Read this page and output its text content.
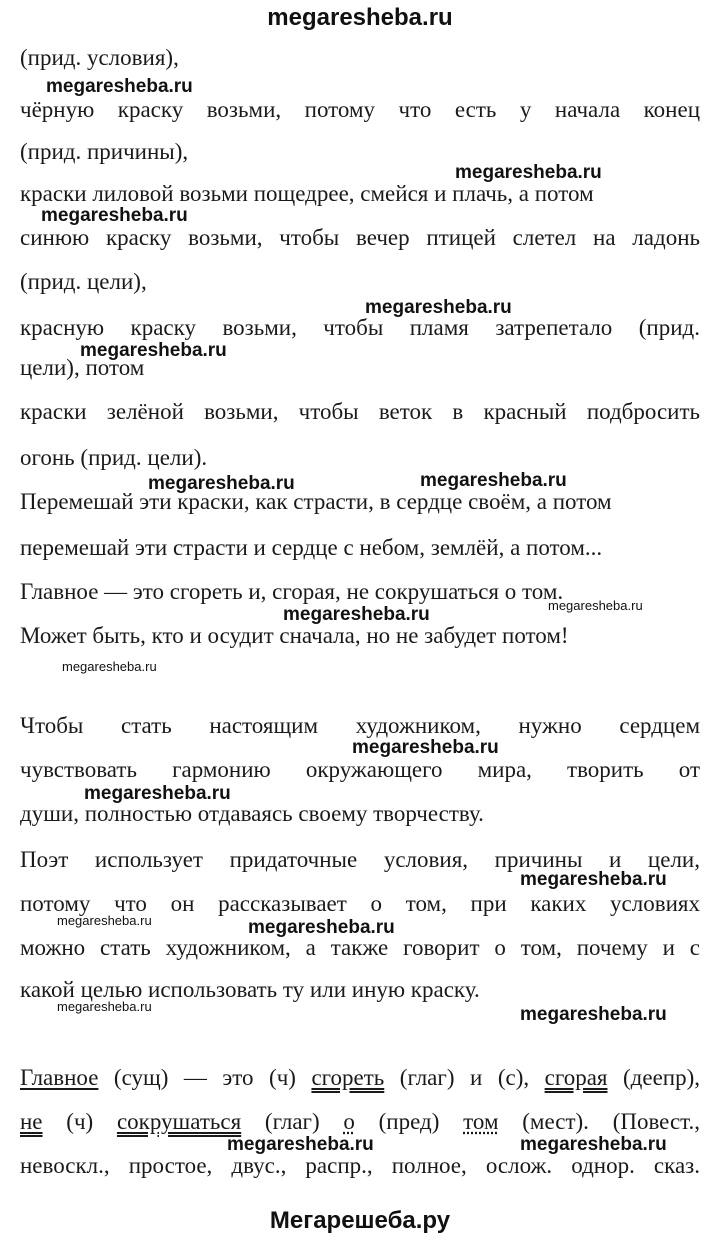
megaresheba.ru
(прид. условия),
чёрную краску возьми, потому что есть у начала конец
(прид. причины),
краски лиловой возьми пощедрее, смейся и плачь, а потом
синюю краску возьми, чтобы вечер птицей слетел на ладонь
(прид. цели),
красную краску возьми, чтобы пламя затрепетало (прид.
цели), потом
краски зелёной возьми, чтобы веток в красный подбросить
огонь (прид. цели).
Перемешай эти краски, как страсти, в сердце своём, а потом
перемешай эти страсти и сердце с небом, землёй, а потом...
Главное — это сгореть и, сгорая, не сокрушаться о том.
Может быть, кто и осудит сначала, но не забудет потом!
Чтобы стать настоящим художником, нужно сердцем
чувствовать гармонию окружающего мира, творить от
души, полностью отдаваясь своему творчеству.
Поэт использует придаточные условия, причины и цели,
потому что он рассказывает о том, при каких условиях
можно стать художником, а также говорит о том, почему и с
какой целью использовать ту или иную краску.
Главное (сущ) — это (ч) сгореть (глаг) и (с), сгорая (деепр),
не (ч) сокрушаться (глаг) о (пред) том (мест). (Повест.,
невоскл., простое, двус., распр., полное, ослож. однор. сказ.
megaresheba.ru
megaresheba.ru
megaresheba.ru
megaresheba.ru
megaresheba.ru
megaresheba.ru	megaresheba.ru
megaresheba.ru	megaresheba.ru
megaresheba.ru
megaresheba.ru
megaresheba.ru
megaresheba.ru
megaresheba.ru	megaresheba.ru
megaresheba.ru	megaresheba.ru
megaresheba.ru	megaresheba.ru
Мегарешеба.ру
